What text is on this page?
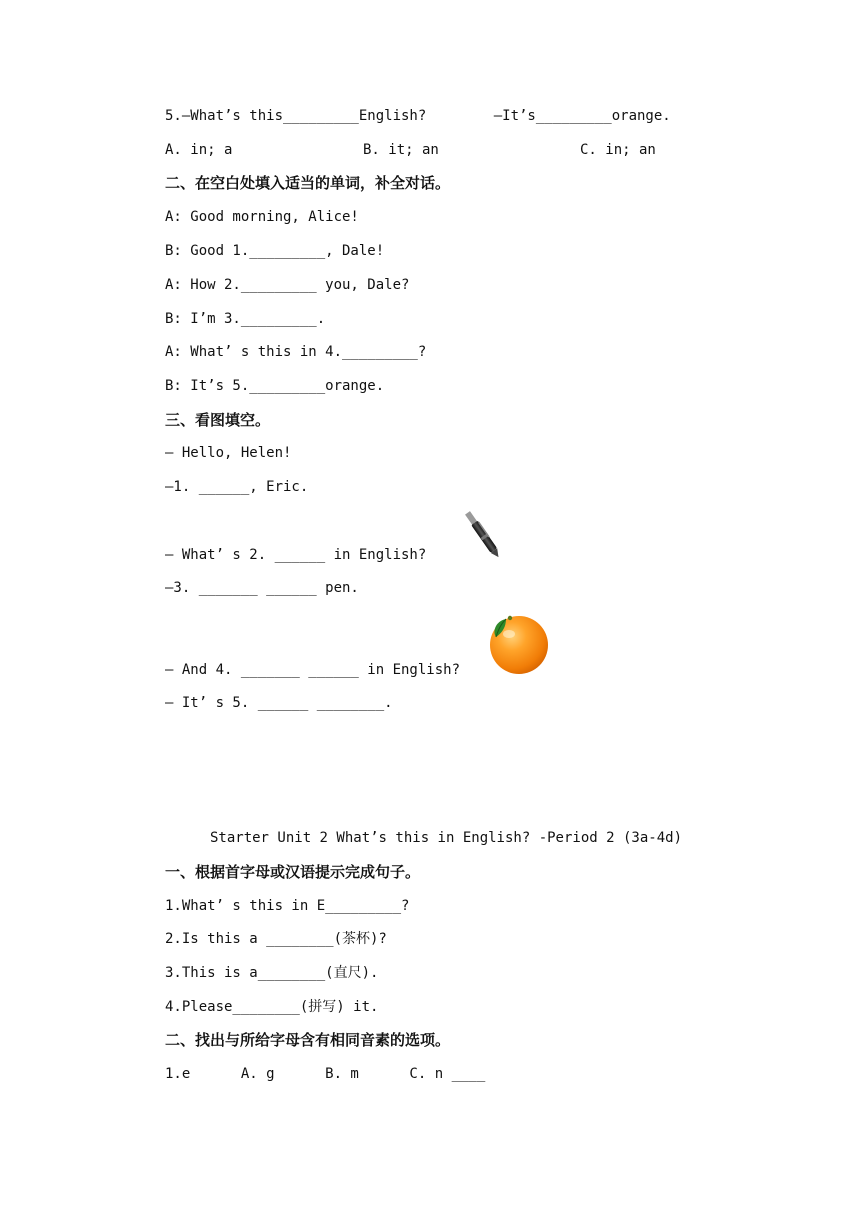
5.—What’s this_________English?        —It’s_________orange.
A. in; a	B. it; an	C. in; an
二、在空白处填入适当的单词，补全对话。
A: Good morning, Alice!
B: Good 1._________, Dale!
A: How 2._________ you, Dale?
B: I’m 3._________.
A: What’ s this in 4._________?
B: It’s 5._________orange.
三、看图填空。
— Hello, Helen!
—1. ______, Eric.
— What’ s 2. ______ in English?
—3. _______ ______ pen.
— And 4. _______ ______ in English?
— It’ s 5. ______ ________.
Starter Unit 2 What’s this in English? -Period 2 (3a-4d)
一、根据首字母或汉语提示完成句子。
1.What’ s this in E_________?
2.Is this a ________(茶杯)?
3.This is a________(直尺).
4.Please________(拼写) it.
二、找出与所给字母含有相同音素的选项。
1.e      A. g      B. m      C. n ____
